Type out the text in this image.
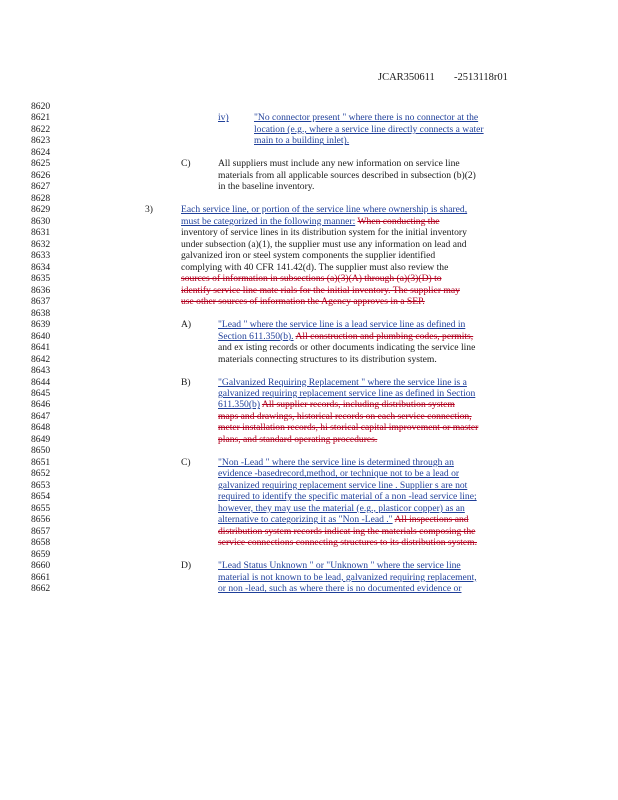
JCAR350611 -2513118r01
8620
8621	iv)	"No connector present " where there is no connector at the
8622	location (e.g., where a service line directly connects a water
8623	main to a building inlet).
8624
8625	C)	All suppliers must include any new information on service line
8626	materials from all applicable sources described in subsection (b)(2)
8627	in the baseline inventory.
8628
8629	3)	Each service line, or portion of the service line where ownership is shared,
8630	must be categorized in the following manner: When conducting the
8631	inventory of service lines in its distribution system for the initial inventory
8632	under subsection (a)(1), the supplier must use any information on lead and
8633	galvanized iron or steel system components the supplier identified
8634	complying with 40 CFR 141.42(d). The supplier must also review the
8635	sources of information in subsections (a)(3)(A) through (a)(3)(D) to
8636	identify service line mate rials for the initial inventory. The supplier may
8637	use other sources of information the Agency approves in a SEP.
8638
8639	A)	"Lead " where the service line is a lead service line as defined in
8640	Section 611.350(b). All construction and plumbing codes, permits,
8641	and ex isting records or other documents indicating the service line
8642	materials connecting structures to its distribution system.
8643
8644	B)	"Galvanized Requiring Replacement " where the service line is a
8645	galvanized requiring replacement service line as defined in Section
8646	611.350(b) All supplier records, including distribution system
8647	maps and drawings, historical records on each service connection,
8648	meter installation records, hi storical capital improvement or master
8649	plans, and standard operating procedures.
8650
8651	C)	"Non -Lead " where the service line is determined through an
8652	evidence -basedrecord,method, or technique not to be a lead or
8653	galvanized requiring replacement service line . Supplier s are not
8654	required to identify the specific material of a non -lead service line;
8655	however, they may use the material (e.g., plasticor copper) as an
8656	alternative to categorizing it as "Non -Lead ." All inspections and
8657	distribution system records indicat ing the materials composing the
8658	service connections connecting structures to its distribution system.
8659
8660	D)	"Lead Status Unknown " or "Unknown " where the service line
8661	material is not known to be lead, galvanized requiring replacement,
8662	or non -lead, such as where there is no documented evidence or
